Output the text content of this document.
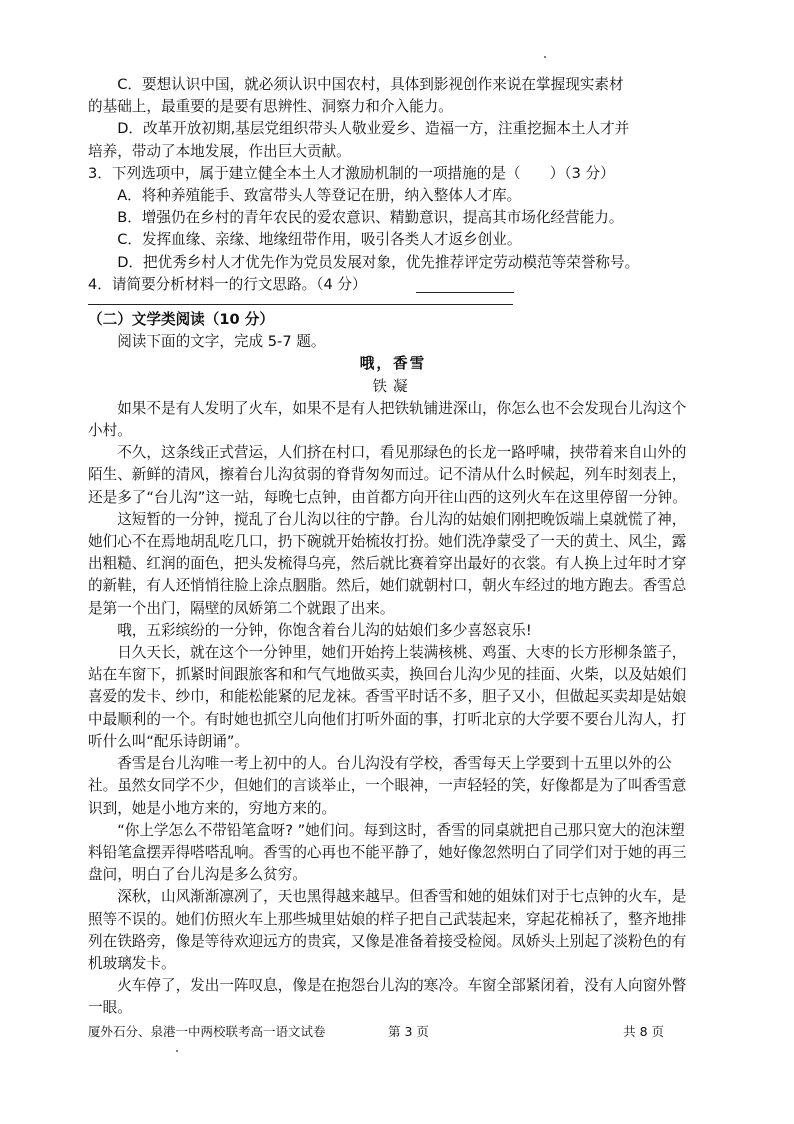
C．要想认识中国，就必须认识中国农村，具体到影视创作来说在掌握现实素材

的基础上，最重要的是要有思辨性、洞察力和介入能力。

D．改革开放初期,基层党组织带头人敬业爱乡、造福一方，注重挖掘本土人才并

培养，带动了本地发展，作出巨大贡献。

3．下列选项中，属于建立健全本土人才激励机制的一项措施的是（　　）（3 分）

A．将种养殖能手、致富带头人等登记在册，纳入整体人才库。

B．增强仍在乡村的青年农民的爱农意识、精勤意识，提高其市场化经营能力。

C．发挥血缘、亲缘、地缘纽带作用，吸引各类人才返乡创业。

D．把优秀乡村人才优先作为党员发展对象，优先推荐评定劳动模范等荣誉称号。

4．请简要分析材料一的行文思路。（4 分）

（二）文学类阅读（10 分）

阅读下面的文字，完成 5-7 题。

哦，香雪

铁凝

如果不是有人发明了火车，如果不是有人把铁轨铺进深山，你怎么也不会发现台儿沟这个小村。

不久，这条线正式营运，人们挤在村口，看见那绿色的长龙一路呼啸，挟带着来自山外的陌生、新鲜的清风，擦着台儿沟贫弱的脊背匆匆而过。记不清从什么时候起，列车时刻表上，还是多了“台儿沟”这一站，每晚七点钟，由首都方向开往山西的这列火车在这里停留一分钟。

这短暂的一分钟，搅乱了台儿沟以往的宁静。台儿沟的姑娘们刚把晚饭端上桌就慌了神，她们心不在焉地胡乱吃几口，扔下碗就开始梳妆打扮。她们洗净蒙受了一天的黄土、风尘，露出粗糙、红润的面色，把头发梳得乌亮，然后就比赛着穿出最好的衣裳。有人换上过年时才穿的新鞋，有人还悄悄往脸上涂点胭脂。然后，她们就朝村口，朝火车经过的地方跑去。香雪总是第一个出门，隔壁的凤娇第二个就跟了出来。

哦，五彩缤纷的一分钟，你饱含着台儿沟的姑娘们多少喜怒哀乐!

日久天长，就在这个一分钟里，她们开始挎上装满核桃、鸡蛋、大枣的长方形柳条篮子，站在车窗下，抓紧时间跟旅客和和气气地做买卖，换回台儿沟少见的挂面、火柴，以及姑娘们喜爱的发卡、纱巾，和能松能紧的尼龙袜。香雪平时话不多，胆子又小，但做起买卖却是姑娘中最顺利的一个。有时她也抓空儿向他们打听外面的事，打听北京的大学要不要台儿沟人，打听什么叫“配乐诗朗诵”。

香雪是台儿沟唯一考上初中的人。台儿沟没有学校，香雪每天上学要到十五里以外的公社。虽然女同学不少，但她们的言谈举止，一个眼神，一声轻轻的笑，好像都是为了叫香雪意识到，她是小地方来的，穷地方来的。

“你上学怎么不带铅笔盒呀? ”她们问。每到这时，香雪的同桌就把自己那只宽大的泡沫塑料铅笔盒摆弄得嗒嗒乱响。香雪的心再也不能平静了，她好像忽然明白了同学们对于她的再三盘问，明白了台儿沟是多么贫穷。

深秋，山风渐渐凛冽了，天也黑得越来越早。但香雪和她的姐妹们对于七点钟的火车，是照等不误的。她们仿照火车上那些城里姑娘的样子把自己武装起来，穿起花棉袄了，整齐地排列在铁路旁，像是等待欢迎远方的贵宾，又像是准备着接受检阅。凤娇头上别起了淡粉色的有机玻璃发卡。

火车停了，发出一阵叹息，像是在抱怨台儿沟的寒冷。车窗全部紧闭着，没有人向窗外瞥一眼。

厦外石分、泉港一中两校联考高一语文试卷	第 3 页	共 8 页
